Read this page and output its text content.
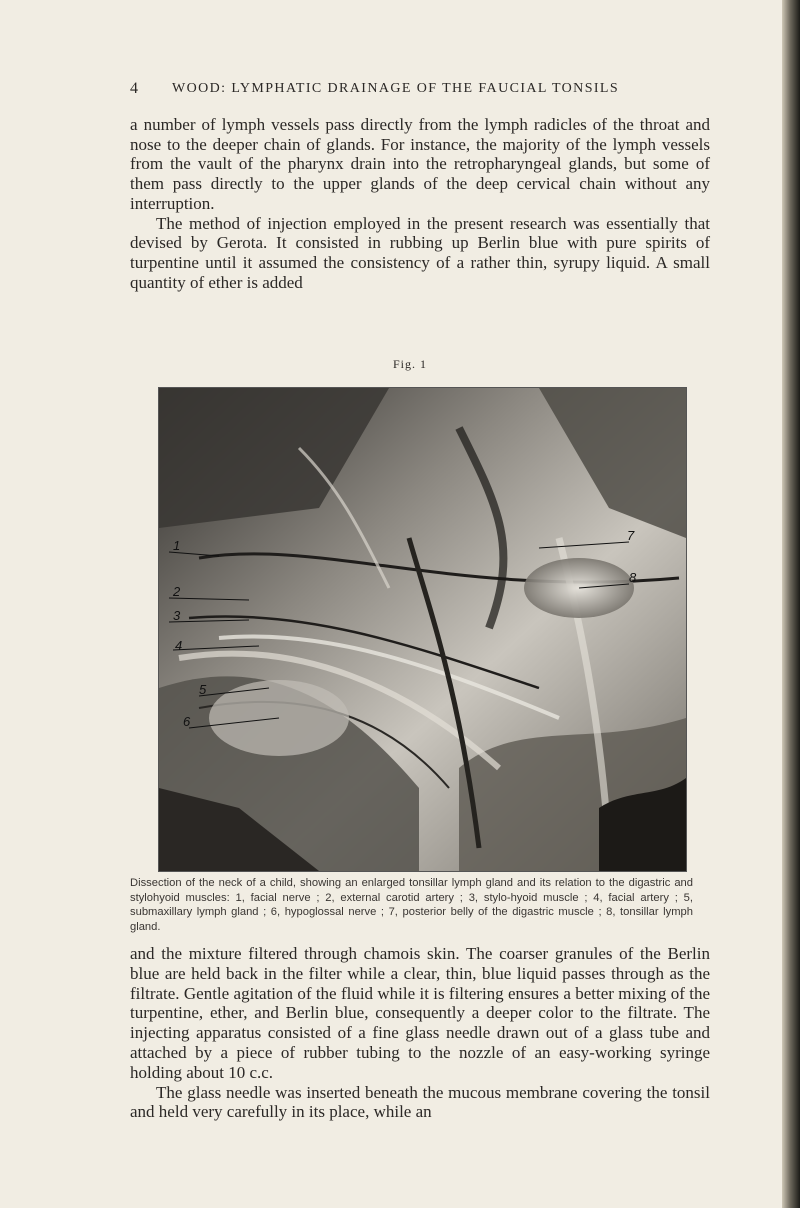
4 WOOD: LYMPHATIC DRAINAGE OF THE FAUCIAL TONSILS

a number of lymph vessels pass directly from the lymph radicles of the throat and nose to the deeper chain of glands. For instance, the majority of the lymph vessels from the vault of the pharynx drain into the retropharyngeal glands, but some of them pass directly to the upper glands of the deep cervical chain without any interruption.

The method of injection employed in the present research was essentially that devised by Gerota. It consisted in rubbing up Berlin blue with pure spirits of turpentine until it assumed the consistency of a rather thin, syrupy liquid. A small quantity of ether is added

Fig. 1
1
2
3
4
5
6
7
8
Dissection of the neck of a child, showing an enlarged tonsillar lymph gland and its relation to the digastric and stylohyoid muscles: 1, facial nerve ; 2, external carotid artery ; 3, stylo-hyoid muscle ; 4, facial artery ; 5, submaxillary lymph gland ; 6, hypoglossal nerve ; 7, posterior belly of the digastric muscle ; 8, tonsillar lymph gland.

and the mixture filtered through chamois skin. The coarser granules of the Berlin blue are held back in the filter while a clear, thin, blue liquid passes through as the filtrate. Gentle agitation of the fluid while it is filtering ensures a better mixing of the turpentine, ether, and Berlin blue, consequently a deeper color to the filtrate. The injecting apparatus consisted of a fine glass needle drawn out of a glass tube and attached by a piece of rubber tubing to the nozzle of an easy-working syringe holding about 10 c.c.

The glass needle was inserted beneath the mucous membrane covering the tonsil and held very carefully in its place, while an
